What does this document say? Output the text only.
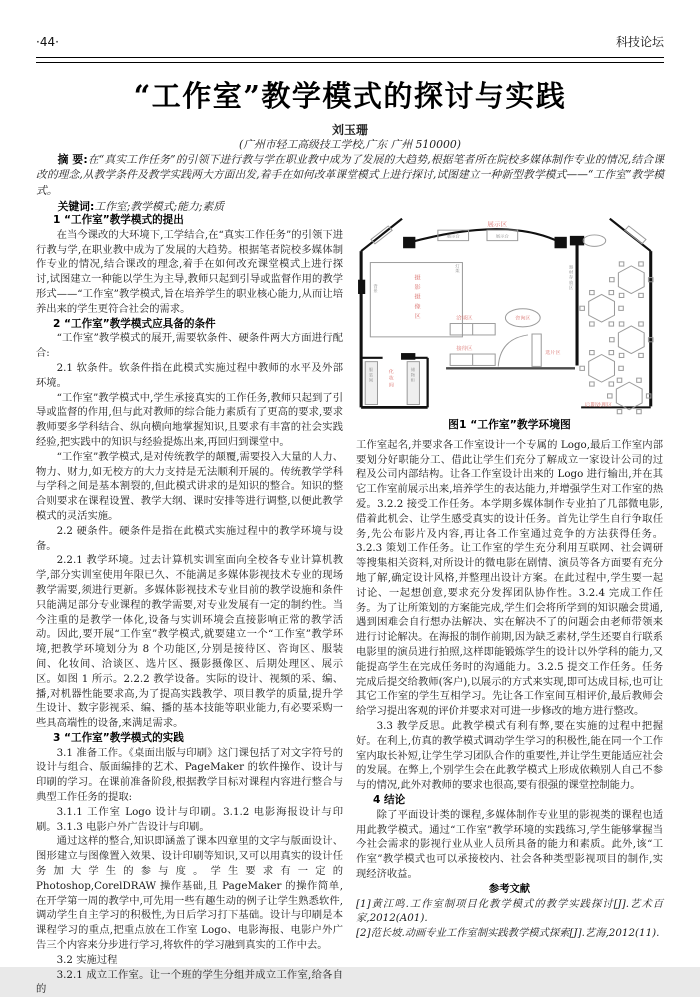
·44·	科技论坛
“工作室”教学模式的探讨与实践
刘玉珊
(广州市轻工高级技工学校,广东 广州 510000)
摘 要:在“真实工作任务”的引领下进行教与学在职业教中成为了发展的大趋势,根据笔者所在院校多媒体制作专业的情况,结合课改的理念,从教学条件及教学实践两大方面出发,着手在如何改革课堂模式上进行探讨,试图建立一种新型教学模式——“工作室”教学模式。
关键词:工作室;教学模式;能力;素质

1 “工作室”教学模式的提出

在当今课改的大环境下,工学结合,在“真实工作任务”的引领下进行教与学,在职业教中成为了发展的大趋势。根据笔者院校多媒体制作专业的情况,结合课改的理念,着手在如何改充课堂模式上进行探讨,试图建立一种能以学生为主导,教师只起到引导或监督作用的教学形式——“工作室”教学模式,旨在培养学生的职业核心能力,从而让培养出来的学生更符合社会的需求。

2 “工作室”教学模式应具备的条件

“工作室”教学模式的展开,需要软条件、硬条件两大方面进行配合:

2.1 软条件。软条件指在此模式实施过程中教师的水平及外部环境。

“工作室”教学模式中,学生承接真实的工作任务,教师只起到了引导或监督的作用,但与此对教师的综合能力素质有了更高的要求,要求教师要多学科结合、纵向横向地掌握知识,且要求有丰富的社会实践经验,把实践中的知识与经验提炼出来,再回归到课堂中。

“工作室”教学模式,是对传统教学的颠覆,需要投入大量的人力、物力、财力,如无校方的大力支持是无法顺利开展的。传统教学学科与学科之间是基本割裂的,但此模式讲求的是知识的整合。知识的整合则要求在课程设置、教学大纲、课时安排等进行调整,以便此教学模式的灵活实施。

2.2 硬条件。硬条件是指在此模式实施过程中的教学环境与设备。

2.2.1 教学环境。过去计算机实训室面向全校各专业计算机教学,部分实训室使用年限已久、不能满足多媒体影视技术专业的现场教学需要,须进行更新。多媒体影视技术专业目前的教学设施和条件只能满足部分专业课程的教学需要,对专业发展有一定的制约性。当今注重的是教学一体化,设备与实训环境会直接影响正常的教学活动。因此,要开展“工作室”教学模式,就要建立一个“工作室”教学环境,把教学环境划分为 8 个功能区,分别是接待区、咨询区、服装间、化妆间、洽谈区、选片区、摄影摄像区、后期处理区、展示区。如图 1 所示。2.2.2 教学设备。实际的设计、视频的采、编、播,对机器性能要求高,为了提高实践教学、项目教学的质量,提升学生设计、数字影视采、编、播的基本技能等职业能力,有必要采购一些具高端性的设备,来满足需求。

3 “工作室”教学模式的实践

3.1 准备工作。《桌面出版与印刷》这门课包括了对文字符号的设计与组合、版面编排的艺术、PageMaker 的软件操作、设计与印刷的学习。在课前准备阶段,根据教学目标对课程内容进行整合与典型工作任务的提取:

3.1.1 工作室 Logo 设计与印刷。3.1.2 电影海报设计与印刷。3.1.3 电影户外广告设计与印刷。

通过这样的整合,知识即涵盖了课本四章里的文字与版面设计、图形建立与图像置入效果、设计印刷等知识,又可以用真实的设计任务加大学生的参与度。学生要求有一定的 Photoshop,CorelDRAW 操作基础,且 PageMaker 的操作简单,在开学第一周的教学中,可先用一些有趣生动的例子让学生熟悉软件,调动学生自主学习的积极性,为日后学习打下基础。设计与印刷是本课程学习的重点,把重点放在工作室 Logo、电影海报、电影户外广告三个内容来分步进行学习,将软件的学习融到真实的工作中去。

3.2 实施过程

3.2.1 成立工作室。让一个班的学生分组并成立工作室,给各自的

展示区
展示台	展示台
摄影摄像区
背景
灯架
洽谈区	咨询区
接待区
选片区
器材存放区
后期处理区
化妆间
服装间
储物柜
图1 “工作室”教学环境图

工作室起名,并要求各工作室设计一个专属的 Logo,最后工作室内部要划分好职能分工、借此让学生们充分了解成立一家设计公司的过程及公司内部结构。让各工作室设计出来的 Logo 进行输出,并在其它工作室前展示出来,培养学生的表达能力,并增强学生对工作室的热爱。3.2.2 接受工作任务。本学期多媒体制作专业拍了几部微电影,借着此机会、让学生感受真实的设计任务。首先让学生自行争取任务,先公布影片及内容,再让各工作室通过竞争的方法获得任务。3.2.3 策划工作任务。让工作室的学生充分利用互联网、社会调研等搜集相关资料,对所设计的微电影在剧情、演员等各方面要有充分地了解,确定设计风格,并整理出设计方案。在此过程中,学生要一起讨论、一起想创意,要求充分发挥团队协作性。3.2.4 完成工作任务。为了让所策划的方案能完成,学生们会将所学到的知识融会贯通,遇到困难会自行想办法解决、实在解决不了的问题会由老师带领来进行讨论解决。在海报的制作前期,因为缺乏素材,学生还要自行联系电影里的演员进行拍照,这样即能锻炼学生的设计以外学科的能力,又能提高学生在完成任务时的沟通能力。3.2.5 提交工作任务。任务完成后提交给教师(客户),以展示的方式来实现,即可达成目标,也可让其它工作室的学生互相学习。先让各工作室间互相评价,最后教师会给学习提出客观的评价并要求对可进一步修改的地方进行整改。

3.3 教学反思。此教学模式有利有弊,要在实施的过程中把握好。在利上,仿真的教学模式调动学生学习的积极性,能在同一个工作室内取长补短,让学生学习团队合作的重要性,并让学生更能适应社会的发展。在弊上,个别学生会在此教学模式上形成依赖别人自己不参与的情况,此外对教师的要求也很高,要有很强的课堂控制能力。

4 结论

除了平面设计类的课程,多媒体制作专业里的影视类的课程也适用此教学模式。通过“工作室”教学环境的实践练习,学生能够掌握当今社会需求的影视行业从业人员所具备的能力和素质。此外,该“工作室”教学模式也可以承接校内、社会各种类型影视项目的制作,实现经济收益。

参考文献

[1]黄江鸣.工作室制项目化教学模式的教学实践探讨[J].艺术百家,2012(A01).

[2]范长坡.动画专业工作室制实践教学模式探索[J].艺海,2012(11).
